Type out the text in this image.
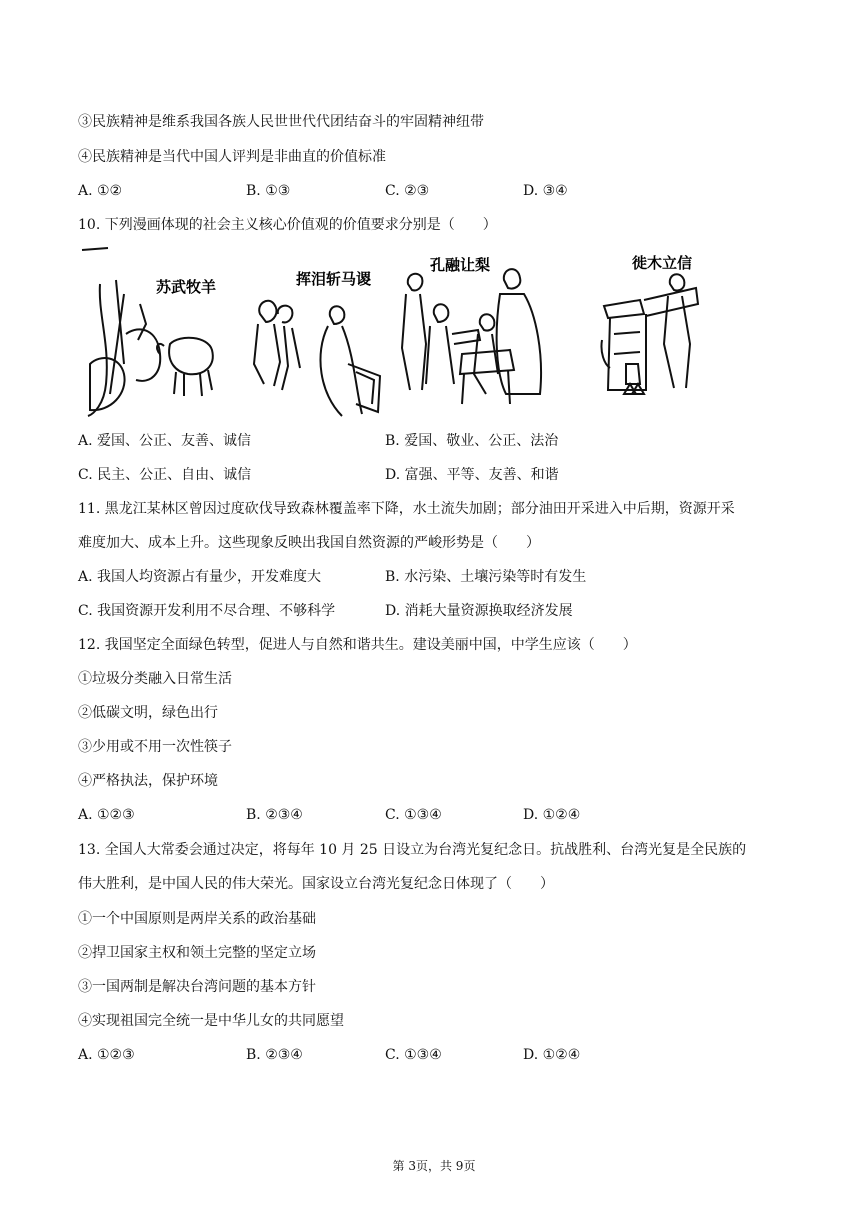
③民族精神是维系我国各族人民世世代代团结奋斗的牢固精神纽带
④民族精神是当代中国人评判是非曲直的价值标准
A. ①②	B. ①③	C. ②③	D. ③④
10. 下列漫画体现的社会主义核心价值观的价值要求分别是（　　）
苏武牧羊	挥泪斩马谡
孔融让梨	徙木立信
A. 爱国、公正、友善、诚信	B. 爱国、敬业、公正、法治
C. 民主、公正、自由、诚信	D. 富强、平等、友善、和谐
11. 黑龙江某林区曾因过度砍伐导致森林覆盖率下降，水土流失加剧；部分油田开采进入中后期，资源开采
难度加大、成本上升。这些现象反映出我国自然资源的严峻形势是（　　）
A. 我国人均资源占有量少，开发难度大	B. 水污染、土壤污染等时有发生
C. 我国资源开发利用不尽合理、不够科学	D. 消耗大量资源换取经济发展
12. 我国坚定全面绿色转型，促进人与自然和谐共生。建设美丽中国，中学生应该（　　）
①垃圾分类融入日常生活
②低碳文明，绿色出行
③少用或不用一次性筷子
④严格执法，保护环境
A. ①②③	B. ②③④	C. ①③④	D. ①②④
13. 全国人大常委会通过决定，将每年 10 月 25 日设立为台湾光复纪念日。抗战胜利、台湾光复是全民族的
伟大胜利，是中国人民的伟大荣光。国家设立台湾光复纪念日体现了（　　）
①一个中国原则是两岸关系的政治基础
②捍卫国家主权和领土完整的坚定立场
③一国两制是解决台湾问题的基本方针
④实现祖国完全统一是中华儿女的共同愿望
A. ①②③	B. ②③④	C. ①③④	D. ①②④
第 3页，共 9页
